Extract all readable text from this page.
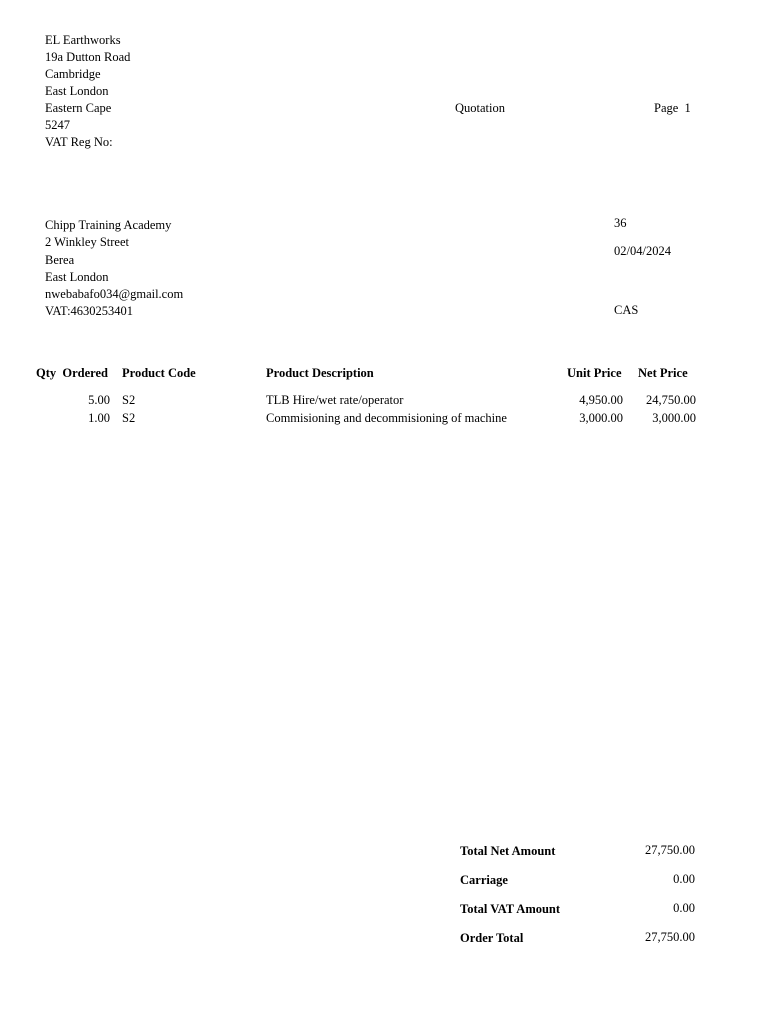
EL Earthworks
19a Dutton Road
Cambridge
East London
Eastern Cape
5247
VAT Reg No:
Quotation	Page  1
Chipp Training Academy
2 Winkley Street
Berea
East London
nwebabafo034@gmail.com
VAT:4630253401
36
02/04/2024
CAS
Qty  Ordered Product Code	Product Description	Unit Price Net Price
5.00 S2	TLB Hire/wet rate/operator	4,950.00	24,750.00
1.00 S2	Commisioning and decommisioning of machine	3,000.00	3,000.00
Total Net Amount	27,750.00
Carriage	0.00
Total VAT Amount	0.00
Order Total	27,750.00
